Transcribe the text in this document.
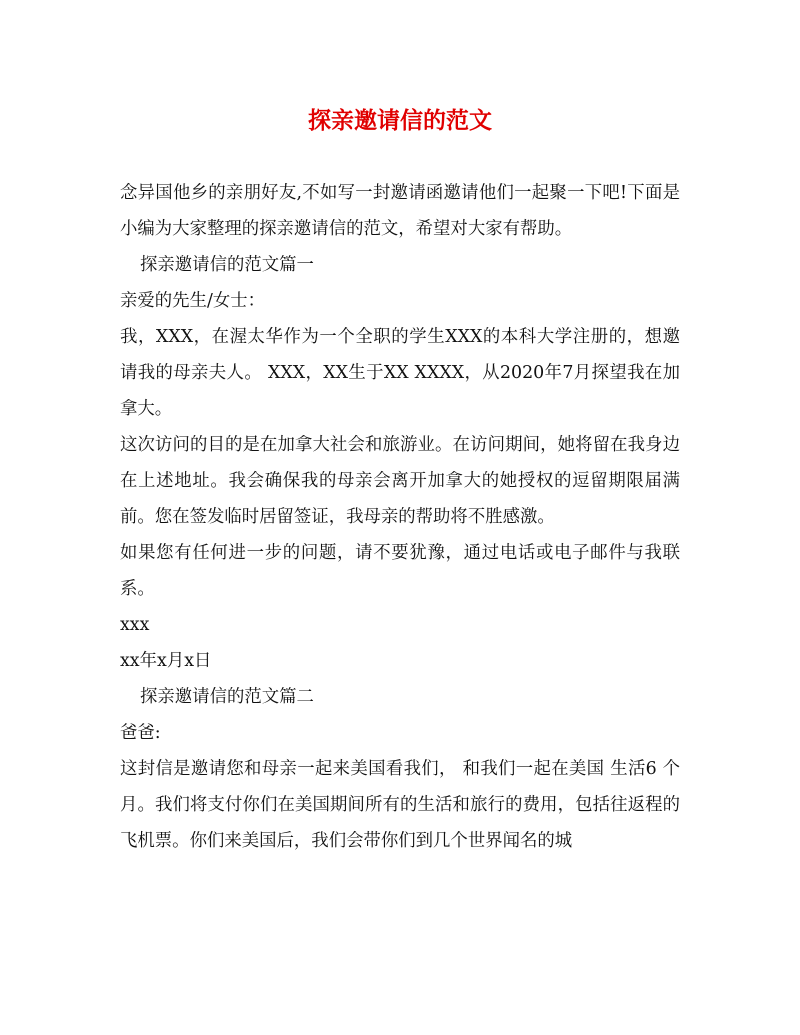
探亲邀请信的范文

念异国他乡的亲朋好友,不如写一封邀请函邀请他们一起聚一下吧!下面是小编为大家整理的探亲邀请信的范文，希望对大家有帮助。

探亲邀请信的范文篇一

亲爱的先生/女士：

我，XXX，在渥太华作为一个全职的学生XXX的本科大学注册的，想邀请我的母亲夫人。 XXX，XX生于XX XXXX，从2020年7月探望我在加拿大。

这次访问的目的是在加拿大社会和旅游业。在访问期间，她将留在我身边在上述地址。我会确保我的母亲会离开加拿大的她授权的逗留期限届满前。您在签发临时居留签证，我母亲的帮助将不胜感激。

如果您有任何进一步的问题，请不要犹豫，通过电话或电子邮件与我联系。

xxx

xx年x月x日

探亲邀请信的范文篇二

爸爸:

这封信是邀请您和母亲一起来美国看我们， 和我们一起在美国 生活6 个月。我们将支付你们在美国期间所有的生活和旅行的费用，包括往返程的飞机票。你们来美国后，我们会带你们到几个世界闻名的城
